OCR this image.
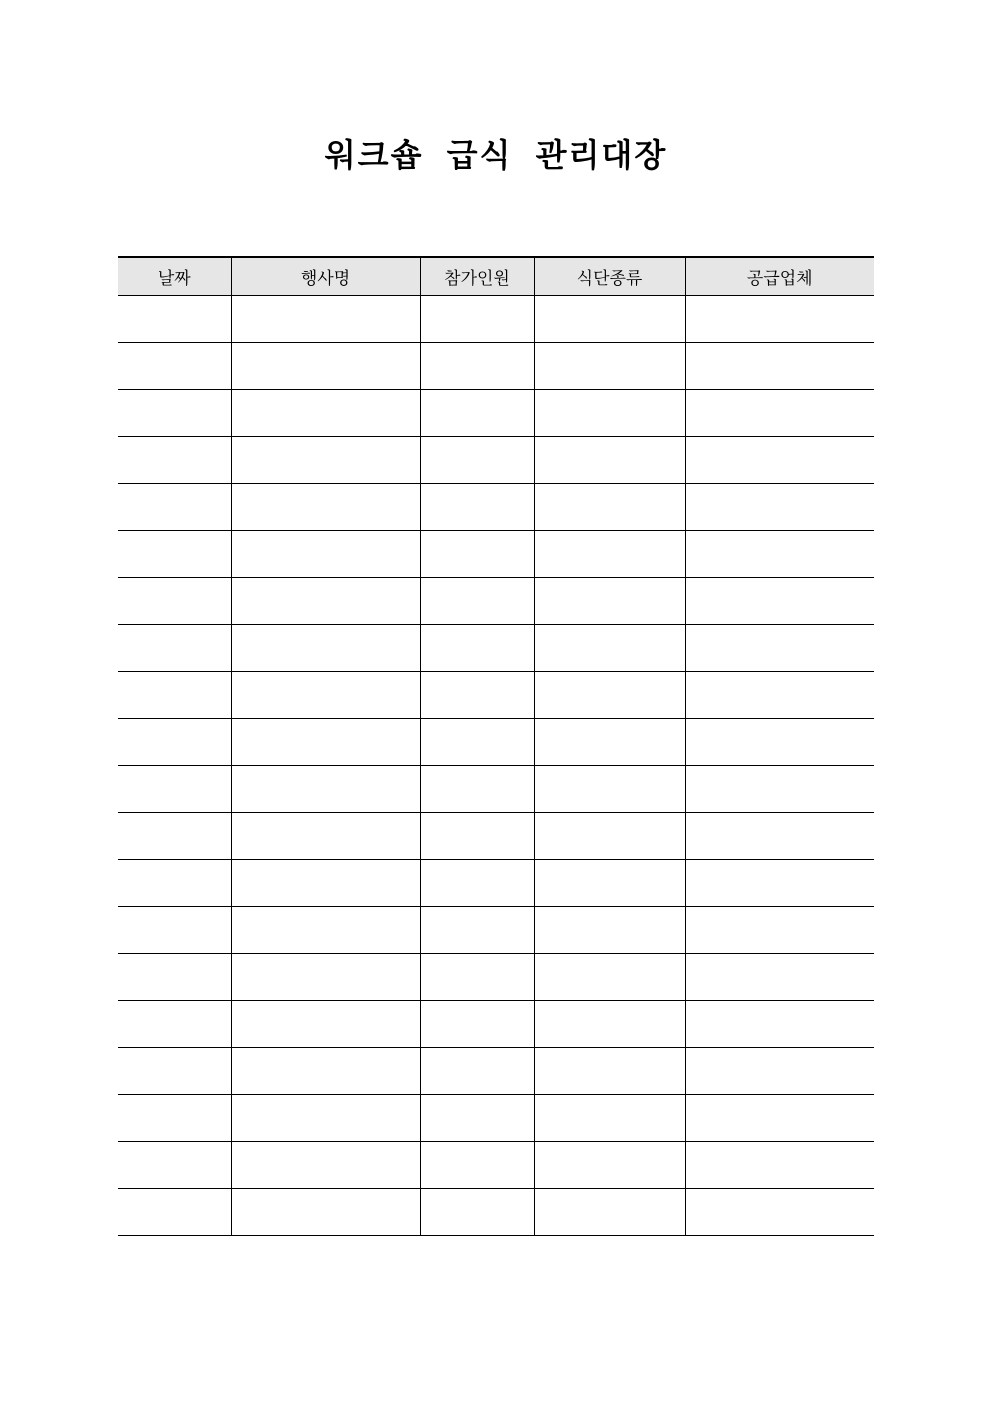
워크숍 급식 관리대장
날짜	행사명	참가인원	식단종류	공급업체
